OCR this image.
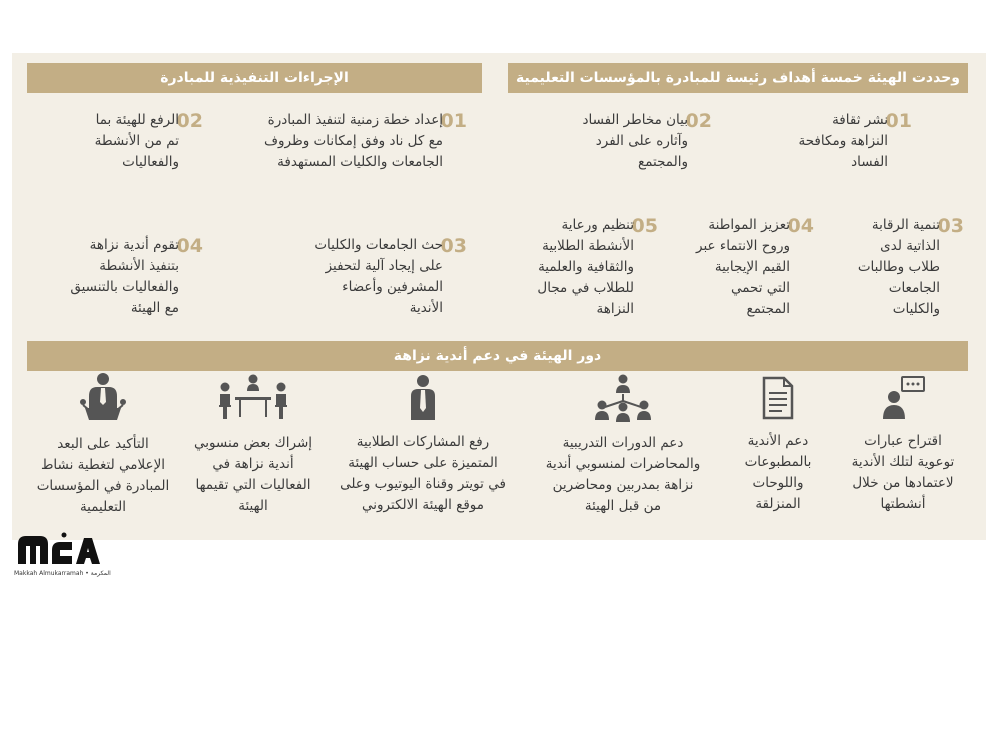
وحددت الهيئة خمسة أهداف رئيسة للمبادرة بالمؤسسات التعليمية
الإجراءات التنفيذية للمبادرة
دور الهيئة في دعم أندية نزاهة
01
نشر ثقافة
النزاهة ومكافحة
الفساد
02
بيان مخاطر الفساد
وآثاره على الفرد
والمجتمع
03
تنمية الرقابة
الذاتية لدى
طلاب وطالبات
الجامعات
والكليات
04
تعزيز المواطنة
وروح الانتماء عبر
القيم الإيجابية
التي تحمي
المجتمع
05
تنظيم ورعاية
الأنشطة الطلابية
والثقافية والعلمية
للطلاب في مجال
النزاهة
01
إعداد خطة زمنية لتنفيذ المبادرة
مع كل ناد وفق إمكانات وظروف
الجامعات والكليات المستهدفة
02
الرفع للهيئة بما
تم من الأنشطة
والفعاليات
03
حث الجامعات والكليات
على إيجاد آلية لتحفيز
المشرفين وأعضاء
الأندية
04
تقوم أندية نزاهة
بتنفيذ الأنشطة
والفعاليات بالتنسيق
مع الهيئة
اقتراح عبارات
توعوية لتلك الأندية
لاعتمادها من خلال
أنشطتها
دعم الأندية
بالمطبوعات
واللوحات
المنزلقة
دعم الدورات التدريبية
والمحاضرات لمنسوبي أندية
نزاهة بمدربين ومحاضرين
من قبل الهيئة
رفع المشاركات الطلابية
المتميزة على حساب الهيئة
في تويتر وقناة اليوتيوب وعلى
موقع الهيئة الالكتروني
إشراك بعض منسوبي
أندية نزاهة في
الفعاليات التي تقيمها
الهيئة
التأكيد على البعد
الإعلامي لتغطية نشاط
المبادرة في المؤسسات
التعليمية
Makkah Almukarramah • المكرمة
